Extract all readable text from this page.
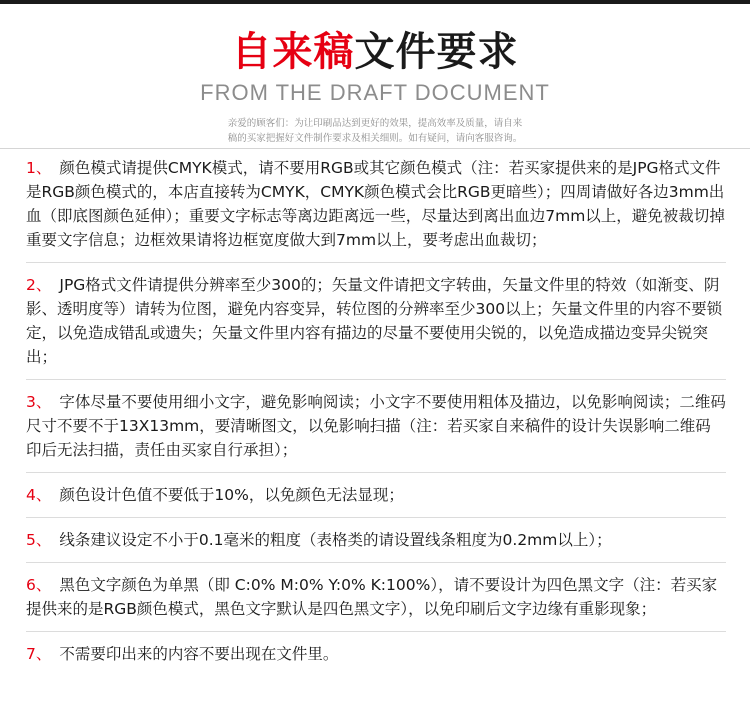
自来稿文件要求
FROM THE DRAFT DOCUMENT
亲爱的顾客们：为让印刷品达到更好的效果，提高效率及质量，请自来
稿的买家把握好文件制作要求及相关细则。如有疑问，请向客服咨询。
1、 颜色模式请提供CMYK模式，请不要用RGB或其它颜色模式（注：若买家提供来的是JPG格式文件是RGB颜色模式的，本店直接转为CMYK，CMYK颜色模式会比RGB更暗些）；四周请做好各边3mm出血（即底图颜色延伸）；重要文字标志等离边距离远一些，尽量达到离出血边7mm以上，避免被裁切掉重要文字信息；边框效果请将边框宽度做大到7mm以上，要考虑出血裁切；
2、 JPG格式文件请提供分辨率至少300的；矢量文件请把文字转曲，矢量文件里的特效（如渐变、阴影、透明度等）请转为位图，避免内容变异，转位图的分辨率至少300以上；矢量文件里的内容不要锁定，以免造成错乱或遗失；矢量文件里内容有描边的尽量不要使用尖锐的，以免造成描边变异尖锐突出；
3、 字体尽量不要使用细小文字，避免影响阅读；小文字不要使用粗体及描边，以免影响阅读；二维码尺寸不要不于13X13mm，要清晰图文，以免影响扫描（注：若买家自来稿件的设计失误影响二维码印后无法扫描，责任由买家自行承担）；
4、 颜色设计色值不要低于10%，以免颜色无法显现；
5、 线条建议设定不小于0.1毫米的粗度（表格类的请设置线条粗度为0.2mm以上）；
6、 黑色文字颜色为单黑（即 C:0% M:0% Y:0% K:100%），请不要设计为四色黑文字（注：若买家提供来的是RGB颜色模式，黑色文字默认是四色黑文字），以免印刷后文字边缘有重影现象；
7、 不需要印出来的内容不要出现在文件里。
